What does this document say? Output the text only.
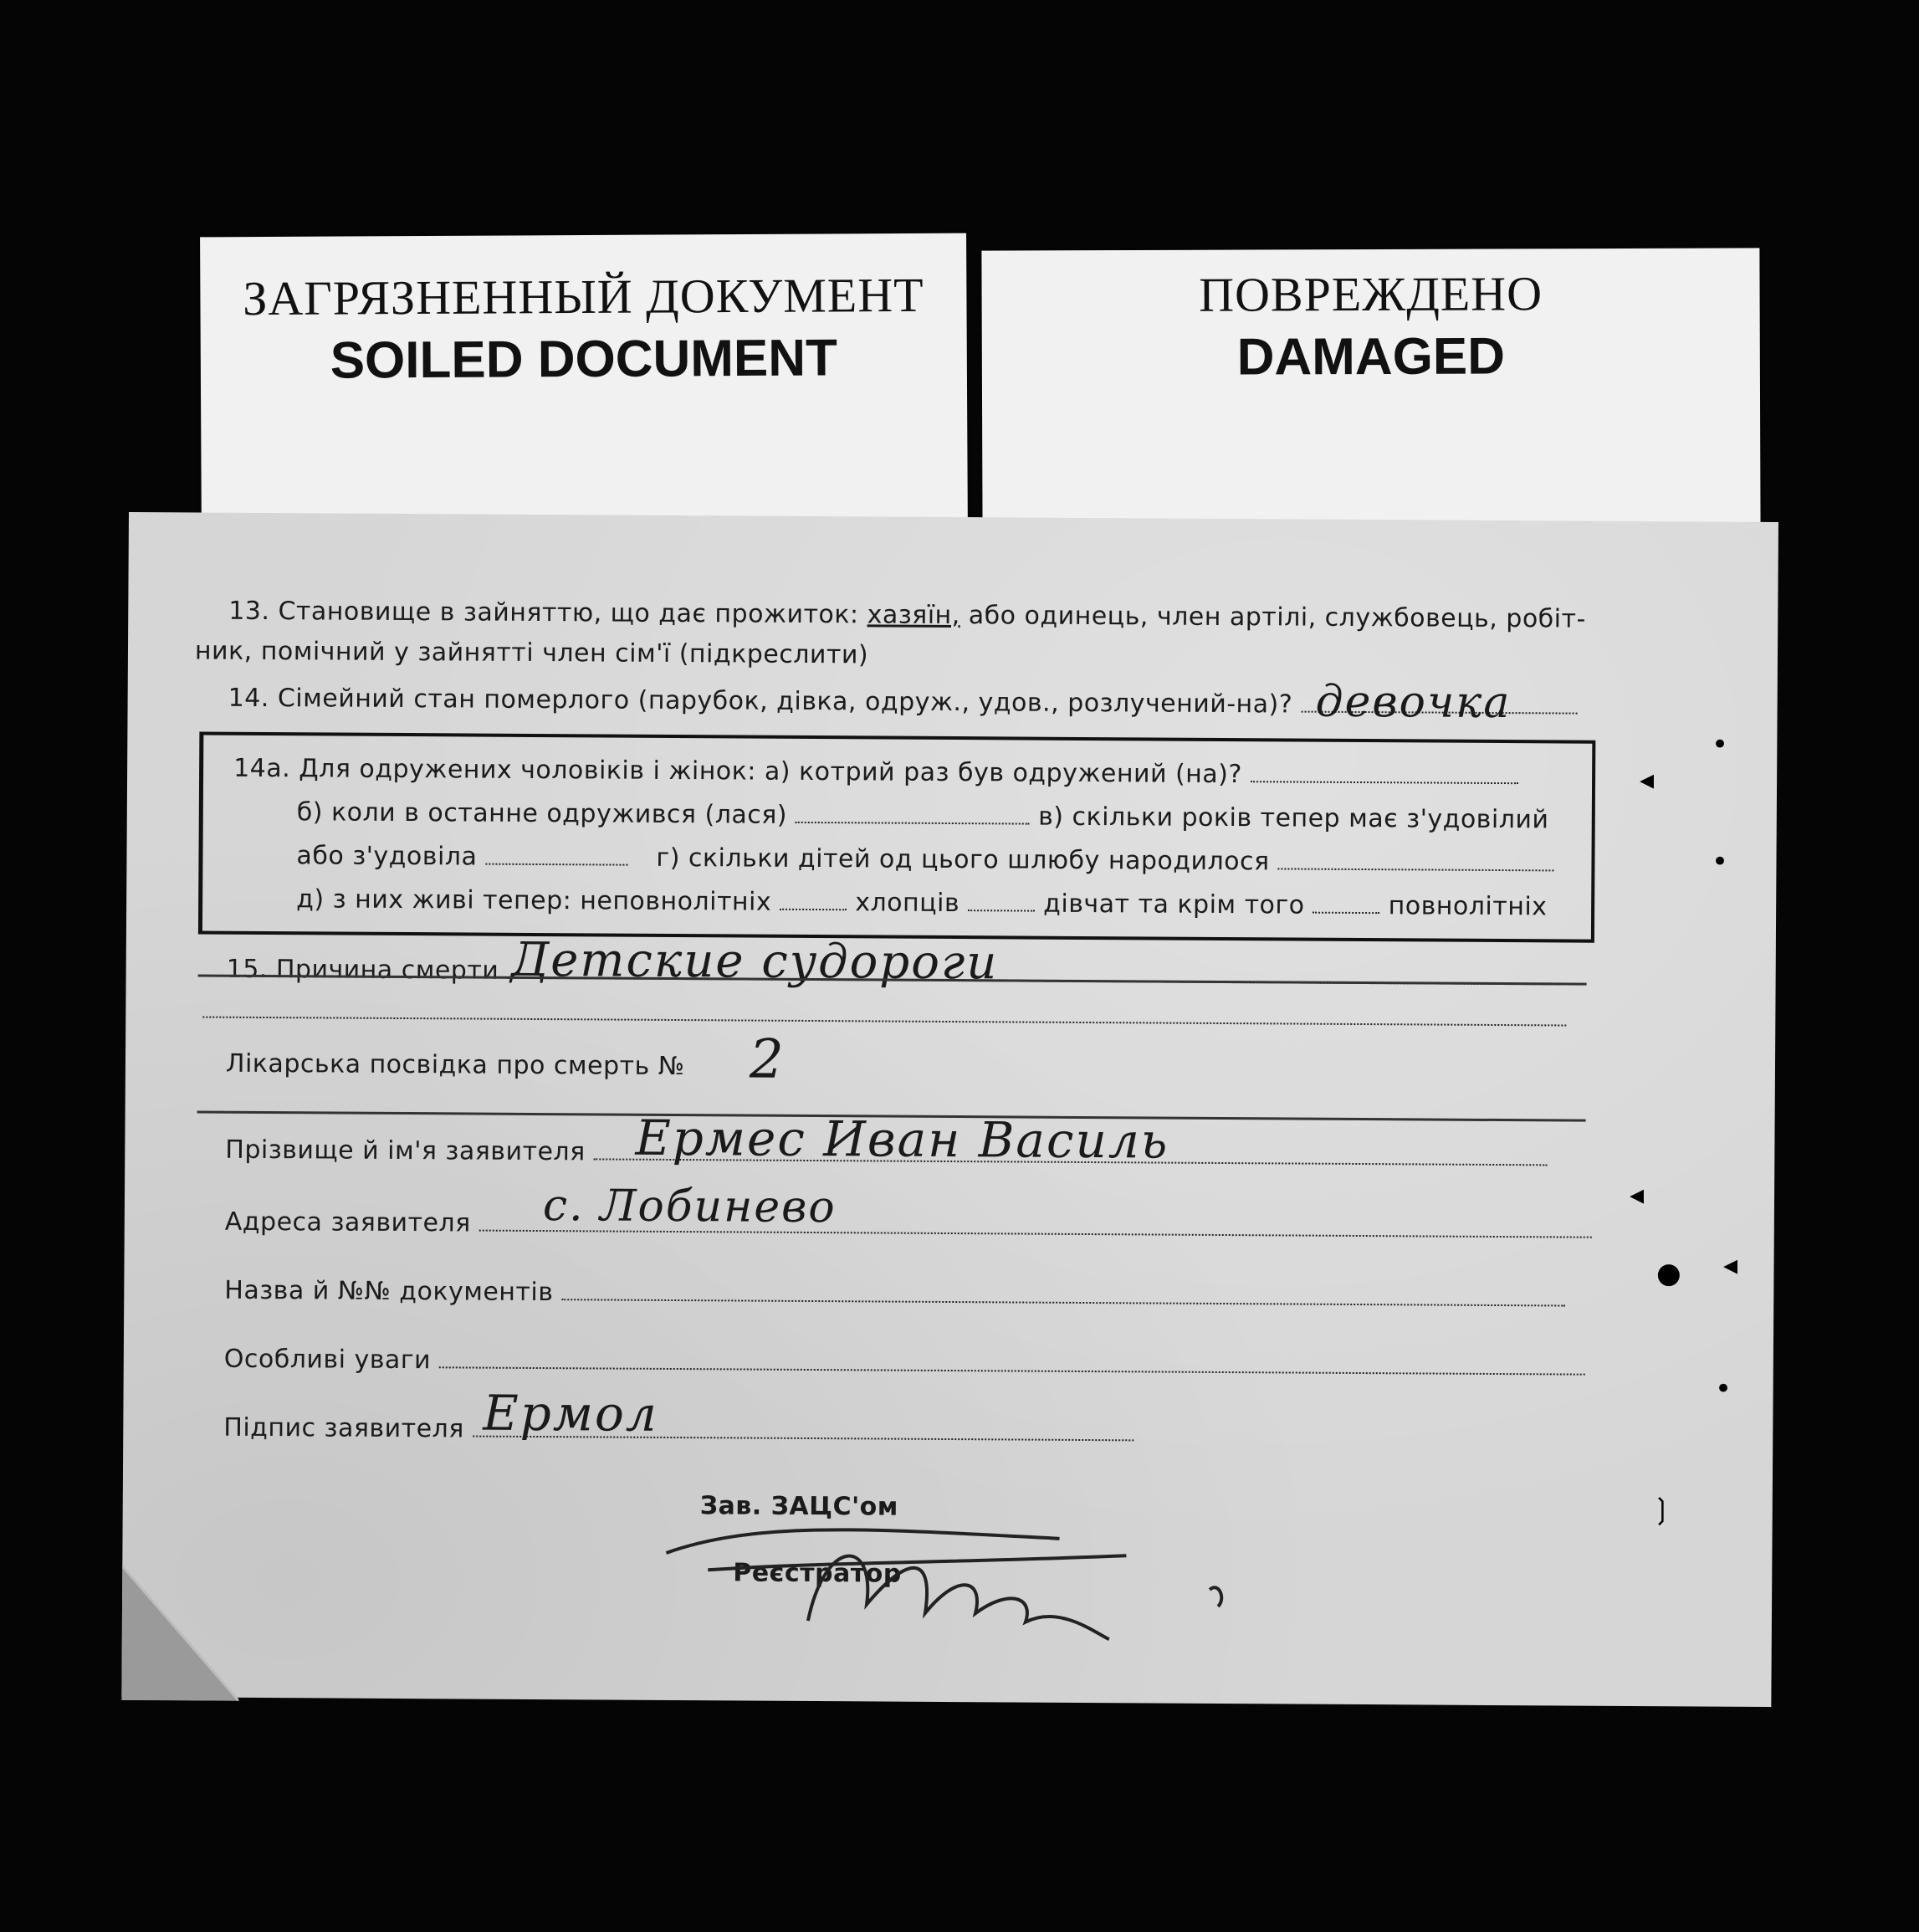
ЗАГРЯЗНЕННЫЙ ДОКУМЕНТ
SOILED DOCUMENT
ПОВРЕЖДЕНО
DAMAGED
13. Становище в зайняттю, що дає прожиток: хазяїн, або одинець, член артілі, службовець, робіт-
ник, помічний у зайнятті член сім'ї (підкреслити)
14. Сімейний стан померлого (парубок, дівка, одруж., удов., розлучений-на)? девочка
14а. Для одружених чоловіків і жінок: а) котрий раз був одружений (на)?
б) коли в останне одружився (лася)	в) скільки років тепер має з'удовілий
або з'удовіла	г) скільки дітей од цього шлюбу народилося
д) з них живі тепер: неповнолітніх	хлопців	дівчат та крім того	повнолітніх
15. Причина смерти Детские судороги
Лікарська посвідка про смерть № 2
Прізвище й ім'я заявителя	Ермес Иван Василь
Адреса заявителя	с. Лобинево
Назва й №№ документів
Особливі уваги
Підпис заявителя Ермол
Зав. ЗАЦС'ом
Реєстратор
•
◂
•
◂
● ◂
•
❳
